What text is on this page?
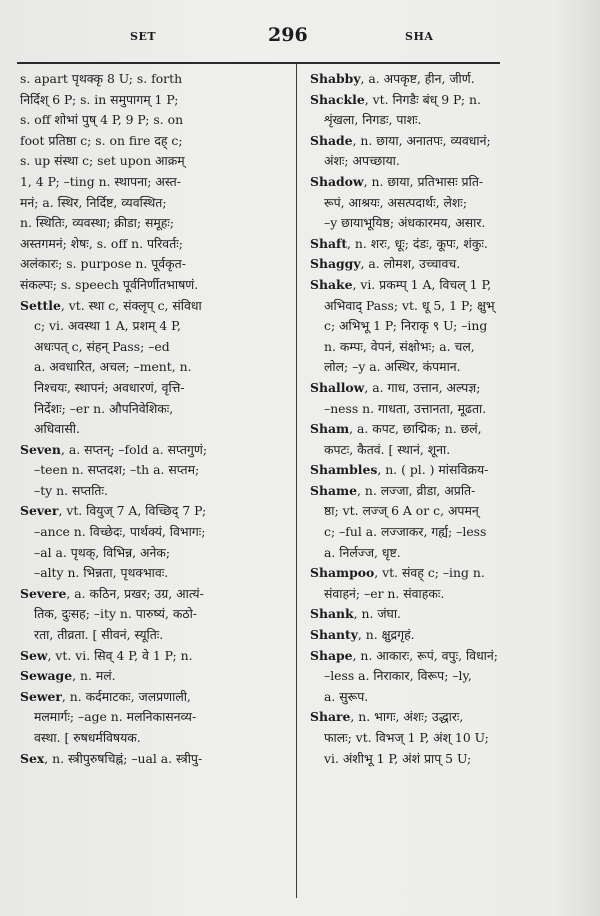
SET	296	SHA
s. apart पृथक्कृ 8 U; s. forth
निर्दिश् 6 P; s. in समुपागम् 1 P;
s. off शोभां पुष् 4 P, 9 P; s. on
foot प्रतिष्ठा c; s. on fire दह् c;
s. up संस्था c; set upon आक्रम्
1, 4 P; –ting n. स्थापना; अस्त-
मनं; a. स्थिर, निर्दिष्ट, व्यवस्थित;
n. स्थितिः, व्यवस्था; क्रीडा; समूहः;
अस्तगमनं; शेषः, s. off n. परिवर्तः;
अलंकारः; s. purpose n. पूर्वकृत-
संकल्पः; s. speech पूर्वनिर्णीतभाषणं.
Settle, vt. स्था c, संक्लृप् c, संविधा
c; vi. अवस्था 1 A, प्रशम् 4 P,
अधःपत् c, संहन् Pass; –ed
a. अवधारित, अचल; –ment, n.
निश्चयः, स्थापनं; अवधारणं, वृत्ति-
निर्देशः; –er n. औपनिवेशिकः,
अधिवासी.
Seven, a. सप्तन्; –fold a. सप्तगुणं;
–teen n. सप्तदश; –th a. सप्तम;
–ty n. सप्ततिः.
Sever, vt. वियुज् 7 A, विच्छिद् 7 P;
–ance n. विच्छेदः, पार्थक्यं, विभागः;
–al a. पृथक्, विभिन्न, अनेक;
–alty n. भिन्नता, पृथक्भावः.
Severe, a. कठिन, प्रखर; उग्र, आत्यं-
तिक, दुःसह; –ity n. पारुष्यं, कठो-
रता, तीव्रता. [ सीवनं, स्यूतिः.
Sew, vt. vi. सिव् 4 P, वे 1 P; n.
Sewage, n. मलं.
Sewer, n. कर्दमाटकः, जलप्रणाली,
मलमार्गः; –age n. मलनिकासनव्य-
वस्था. [ रुषधर्मविषयक.
Sex, n. स्त्रीपुरुषचिह्नं; –ual a. स्त्रीपु-
Shabby, a. अपकृष्ट, हीन, जीर्ण.
Shackle, vt. निगडैः बंध् 9 P; n.
शृंखला, निगडः, पाशः.
Shade, n. छाया, अनातपः, व्यवधानं;
अंशः; अपच्छाया.
Shadow, n. छाया, प्रतिभासः प्रति-
रूपं, आश्रयः, असत्पदार्थः, लेशः;
–y छायाभूयिष्ठ; अंधकारमय, असार.
Shaft, n. शरः, धूः; दंडः, कूपः, शंकुः.
Shaggy, a. लोमश, उच्चावच.
Shake, vi. प्रकम्प् 1 A, विचल् 1 P,
अभिवाद् Pass; vt. धू 5, 1 P; क्षुभ्
c; अभिभू 1 P; निराकृ ९ U; –ing
n. कम्पः, वेपनं, संक्षोभः; a. चल,
लोल; –y a. अस्थिर, कंपमान.
Shallow, a. गाध, उत्तान, अल्पज्ञ;
–ness n. गाधता, उत्तानता, मूढता.
Sham, a. कपट, छाद्मिक; n. छलं,
कपटः, कैतवं. [ स्थानं, शूना.
Shambles, n. ( pl. ) मांसविक्रय-
Shame, n. लज्जा, व्रीडा, अप्रति-
ष्ठा; vt. लज्ज् 6 A or c, अपमन्
c; –ful a. लज्जाकर, गर्ह्य; –less
a. निर्लज्ज, धृष्ट.
Shampoo, vt. संवह् c; –ing n.
संवाहनं; –er n. संवाहकः.
Shank, n. जंघा.
Shanty, n. क्षुद्रगृहं.
Shape, n. आकारः, रूपं, वपुः, विधानं;
–less a. निराकार, विरूप; –ly,
a. सुरूप.
Share, n. भागः, अंशः; उद्धारः,
फालः; vt. विभज् 1 P, अंश् 10 U;
vi. अंशीभू 1 P, अंशं प्राप् 5 U;
